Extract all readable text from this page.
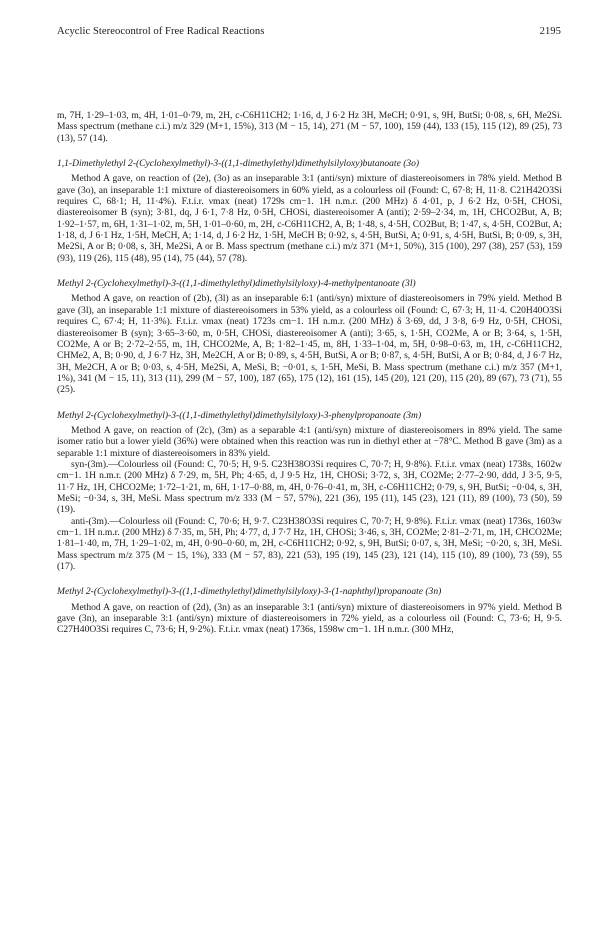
Acyclic Stereocontrol of Free Radical Reactions	2195

m, 7H, 1·29–1·03, m, 4H, 1·01–0·79, m, 2H, c-C6H11CH2; 1·16, d, J 6·2 Hz 3H, MeCH; 0·91, s, 9H, ButSi; 0·08, s, 6H, Me2Si. Mass spectrum (methane c.i.) m/z 329 (M+1, 15%), 313 (M − 15, 14), 271 (M − 57, 100), 159 (44), 133 (15), 115 (12), 89 (25), 73 (13), 57 (14).

1,1-Dimethylethyl 2-(Cyclohexylmethyl)-3-((1,1-dimethylethyl)dimethylsilyloxy)butanoate (3o)

Method A gave, on reaction of (2e), (3o) as an inseparable 3:1 (anti/syn) mixture of diastereoisomers in 78% yield. Method B gave (3o), an inseparable 1:1 mixture of diastereoisomers in 60% yield, as a colourless oil (Found: C, 67·8; H, 11·8. C21H42O3Si requires C, 68·1; H, 11·4%). F.t.i.r. νmax (neat) 1729s cm−1. 1H n.m.r. (200 MHz) δ 4·01, p, J 6·2 Hz, 0·5H, CHOSi, diastereoisomer B (syn); 3·81, dq, J 6·1, 7·8 Hz, 0·5H, CHOSi, diastereoisomer A (anti); 2·59–2·34, m, 1H, CHCO2But, A, B; 1·92–1·57, m, 6H, 1·31–1·02, m, 5H, 1·01–0·60, m, 2H, c-C6H11CH2, A, B; 1·48, s, 4·5H, CO2But, B; 1·47, s, 4·5H, CO2But, A; 1·18, d, J 6·1 Hz, 1·5H, MeCH, A; 1·14, d, J 6·2 Hz, 1·5H, MeCH B; 0·92, s, 4·5H, ButSi, A; 0·91, s, 4·5H, ButSi, B; 0·09, s, 3H, Me2Si, A or B; 0·08, s, 3H, Me2Si, A or B. Mass spectrum (methane c.i.) m/z 371 (M+1, 50%), 315 (100), 297 (38), 257 (53), 159 (93), 119 (26), 115 (48), 95 (14), 75 (44), 57 (78).

Methyl 2-(Cyclohexylmethyl)-3-((1,1-dimethylethyl)dimethylsilyloxy)-4-methylpentanoate (3l)

Method A gave, on reaction of (2b), (3l) as an inseparable 6:1 (anti/syn) mixture of diastereoisomers in 79% yield. Method B gave (3l), an inseparable 1:1 mixture of diastereoisomers in 53% yield, as a colourless oil (Found: C, 67·3; H, 11·4. C20H40O3Si requires C, 67·4; H, 11·3%). F.t.i.r. νmax (neat) 1723s cm−1. 1H n.m.r. (200 MHz) δ 3·69, dd, J 3·8, 6·9 Hz, 0·5H, CHOSi, diastereoisomer B (syn); 3·65–3·60, m, 0·5H, CHOSi, diastereoisomer A (anti); 3·65, s, 1·5H, CO2Me, A or B; 3·64, s, 1·5H, CO2Me, A or B; 2·72–2·55, m, 1H, CHCO2Me, A, B; 1·82–1·45, m, 8H, 1·33–1·04, m, 5H, 0·98–0·63, m, 1H, c-C6H11CH2, CHMe2, A, B; 0·90, d, J 6·7 Hz, 3H, Me2CH, A or B; 0·89, s, 4·5H, ButSi, A or B; 0·87, s, 4·5H, ButSi, A or B; 0·84, d, J 6·7 Hz, 3H, Me2CH, A or B; 0·03, s, 4·5H, Me2Si, A, MeSi, B; −0·01, s, 1·5H, MeSi, B. Mass spectrum (methane c.i.) m/z 357 (M+1, 1%), 341 (M − 15, 11), 313 (11), 299 (M − 57, 100), 187 (65), 175 (12), 161 (15), 145 (20), 121 (20), 115 (20), 89 (67), 73 (71), 55 (25).

Methyl 2-(Cyclohexylmethyl)-3-((1,1-dimethylethyl)dimethylsilyloxy)-3-phenylpropanoate (3m)

Method A gave, on reaction of (2c), (3m) as a separable 4:1 (anti/syn) mixture of diastereoisomers in 89% yield. The same isomer ratio but a lower yield (36%) were obtained when this reaction was run in diethyl ether at −78°C. Method B gave (3m) as a separable 1:1 mixture of diastereoisomers in 83% yield.

syn-(3m).—Colourless oil (Found: C, 70·5; H, 9·5. C23H38O3Si requires C, 70·7; H, 9·8%). F.t.i.r. νmax (neat) 1738s, 1602w cm−1. 1H n.m.r. (200 MHz) δ 7·29, m, 5H, Ph; 4·65, d, J 9·5 Hz, 1H, CHOSi; 3·72, s, 3H, CO2Me; 2·77–2·90, ddd, J 3·5, 9·5, 11·7 Hz, 1H, CHCO2Me; 1·72–1·21, m, 6H, 1·17–0·88, m, 4H, 0·76–0·41, m, 3H, c-C6H11CH2; 0·79, s, 9H, ButSi; −0·04, s, 3H, MeSi; −0·34, s, 3H, MeSi. Mass spectrum m/z 333 (M − 57, 57%), 221 (36), 195 (11), 145 (23), 121 (11), 89 (100), 73 (50), 59 (19).

anti-(3m).—Colourless oil (Found: C, 70·6; H, 9·7. C23H38O3Si requires C, 70·7; H, 9·8%). F.t.i.r. νmax (neat) 1736s, 1603w cm−1. 1H n.m.r. (200 MHz) δ 7·35, m, 5H, Ph; 4·77, d, J 7·7 Hz, 1H, CHOSi; 3·46, s, 3H, CO2Me; 2·81–2·71, m, 1H, CHCO2Me; 1·81–1·40, m, 7H, 1·29–1·02, m, 4H, 0·90–0·60, m, 2H, c-C6H11CH2; 0·92, s, 9H, ButSi; 0·07, s, 3H, MeSi; −0·20, s, 3H, MeSi. Mass spectrum m/z 375 (M − 15, 1%), 333 (M − 57, 83), 221 (53), 195 (19), 145 (23), 121 (14), 115 (10), 89 (100), 73 (59), 55 (17).

Methyl 2-(Cyclohexylmethyl)-3-((1,1-dimethylethyl)dimethylsilyloxy)-3-(1-naphthyl)propanoate (3n)

Method A gave, on reaction of (2d), (3n) as an inseparable 3:1 (anti/syn) mixture of diastereoisomers in 97% yield. Method B gave (3n), an inseparable 3:1 (anti/syn) mixture of diastereoisomers in 72% yield, as a colourless oil (Found: C, 73·6; H, 9·5. C27H40O3Si requires C, 73·6; H, 9·2%). F.t.i.r. νmax (neat) 1736s, 1598w cm−1. 1H n.m.r. (300 MHz,
